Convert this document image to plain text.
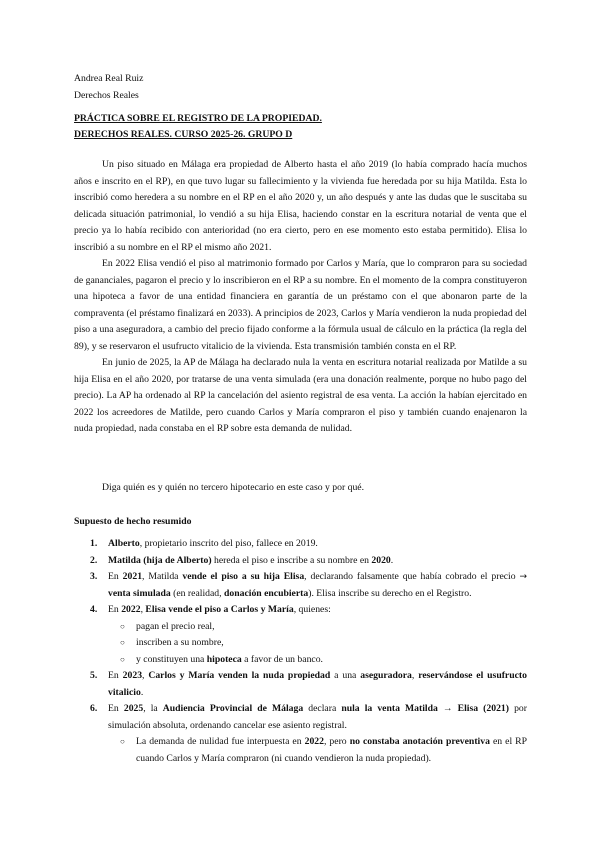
Andrea Real Ruiz
Derechos Reales
PRÁCTICA SOBRE EL REGISTRO DE LA PROPIEDAD.
DERECHOS REALES. CURSO 2025-26. GRUPO D

Un piso situado en Málaga era propiedad de Alberto hasta el año 2019 (lo había comprado hacía muchos años e inscrito en el RP), en que tuvo lugar su fallecimiento y la vivienda fue heredada por su hija Matilda. Esta lo inscribió como heredera a su nombre en el RP en el año 2020 y, un año después y ante las dudas que le suscitaba su delicada situación patrimonial, lo vendió a su hija Elisa, haciendo constar en la escritura notarial de venta que el precio ya lo había recibido con anterioridad (no era cierto, pero en ese momento esto estaba permitido). Elisa lo inscribió a su nombre en el RP el mismo año 2021.

En 2022 Elisa vendió el piso al matrimonio formado por Carlos y María, que lo compraron para su sociedad de gananciales, pagaron el precio y lo inscribieron en el RP a su nombre. En el momento de la compra constituyeron una hipoteca a favor de una entidad financiera en garantía de un préstamo con el que abonaron parte de la compraventa (el préstamo finalizará en 2033). A principios de 2023, Carlos y María vendieron la nuda propiedad del piso a una aseguradora, a cambio del precio fijado conforme a la fórmula usual de cálculo en la práctica (la regla del 89), y se reservaron el usufructo vitalicio de la vivienda. Esta transmisión también consta en el RP.

En junio de 2025, la AP de Málaga ha declarado nula la venta en escritura notarial realizada por Matilde a su hija Elisa en el año 2020, por tratarse de una venta simulada (era una donación realmente, porque no hubo pago del precio). La AP ha ordenado al RP la cancelación del asiento registral de esa venta. La acción la habían ejercitado en 2022 los acreedores de Matilde, pero cuando Carlos y María compraron el piso y también cuando enajenaron la nuda propiedad, nada constaba en el RP sobre esta demanda de nulidad.

Diga quién es y quién no tercero hipotecario en este caso y por qué.
Supuesto de hecho resumido
1. Alberto, propietario inscrito del piso, fallece en 2019.
2. Matilda (hija de Alberto) hereda el piso e inscribe a su nombre en 2020.
3. En 2021, Matilda vende el piso a su hija Elisa, declarando falsamente que había cobrado el precio → venta simulada (en realidad, donación encubierta). Elisa inscribe su derecho en el Registro.
4. En 2022, Elisa vende el piso a Carlos y María, quienes:
○ pagan el precio real,
○ inscriben a su nombre,
○ y constituyen una hipoteca a favor de un banco.
5. En 2023, Carlos y María venden la nuda propiedad a una aseguradora, reservándose el usufructo vitalicio.
6. En 2025, la Audiencia Provincial de Málaga declara nula la venta Matilda → Elisa (2021) por simulación absoluta, ordenando cancelar ese asiento registral.
○ La demanda de nulidad fue interpuesta en 2022, pero no constaba anotación preventiva en el RP cuando Carlos y María compraron (ni cuando vendieron la nuda propiedad).
